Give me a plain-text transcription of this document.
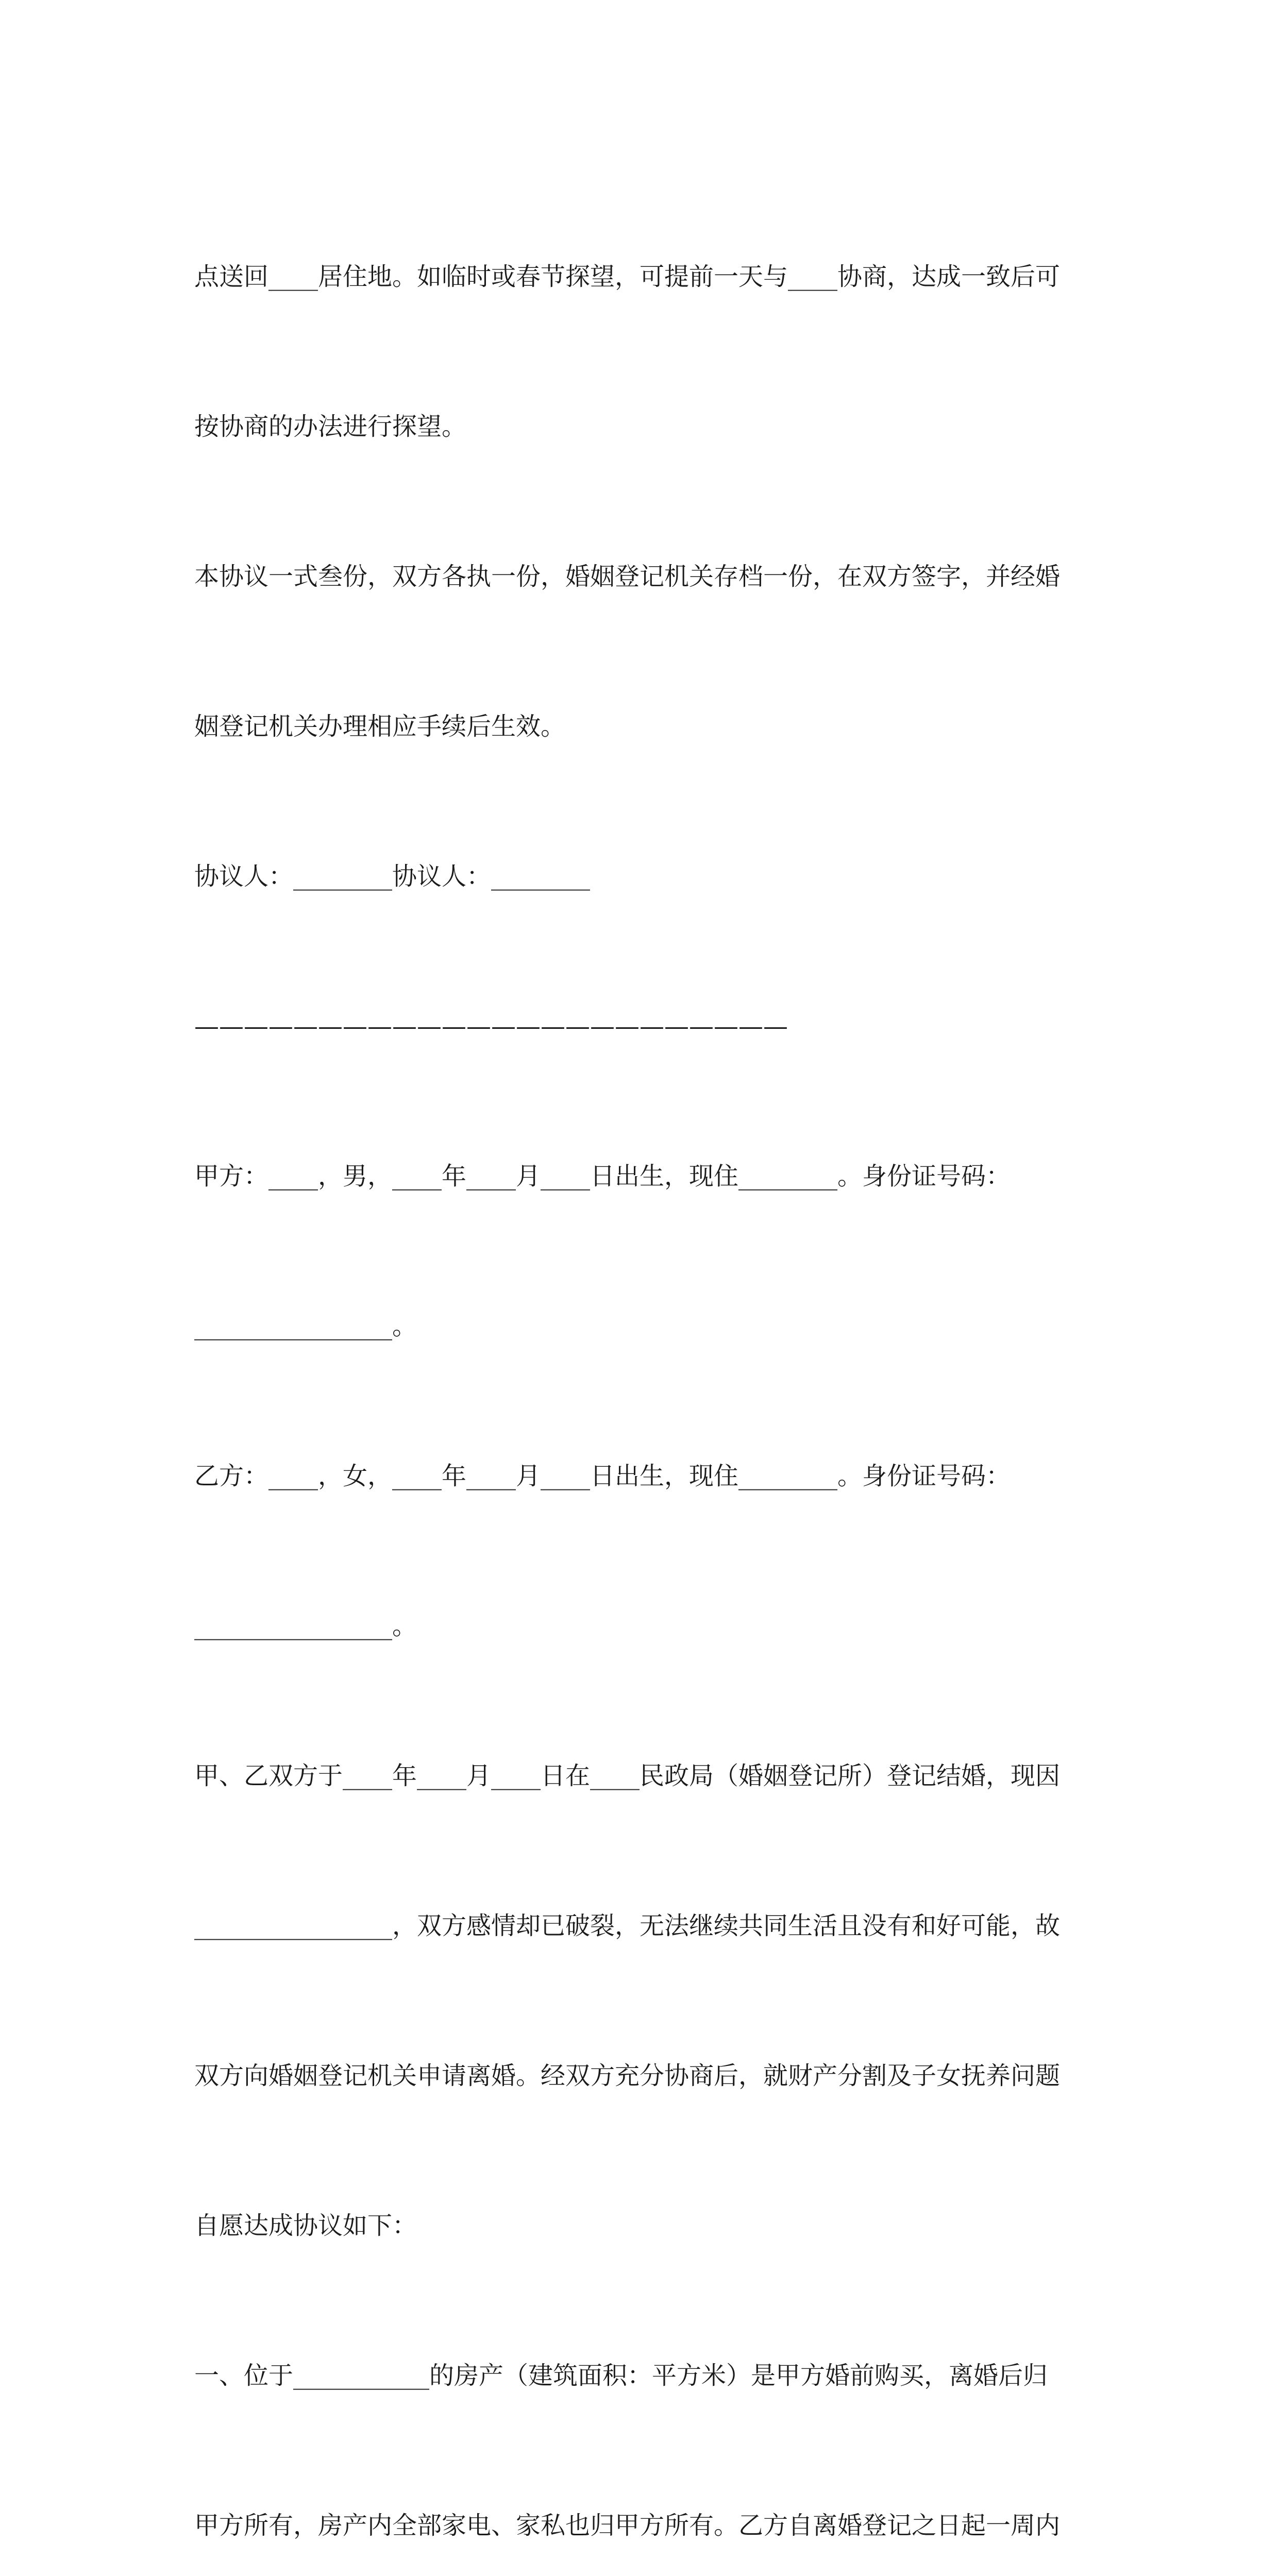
点送回____居住地。如临时或春节探望，可提前一天与____协商，达成一致后可

按协商的办法进行探望。

本协议一式叁份，双方各执一份，婚姻登记机关存档一份，在双方签字，并经婚

姻登记机关办理相应手续后生效。

协议人：________协议人：________

————————————————————————

甲方：____，男，____年____月____日出生，现住________。身份证号码：

________________。

乙方：____，女，____年____月____日出生，现住________。身份证号码：

________________。

甲、乙双方于____年____月____日在____民政局（婚姻登记所）登记结婚，现因

________________，双方感情却已破裂，无法继续共同生活且没有和好可能，故

双方向婚姻登记机关申请离婚。经双方充分协商后，就财产分割及子女抚养问题

自愿达成协议如下：

一、位于___________的房产（建筑面积：平方米）是甲方婚前购买，离婚后归

甲方所有，房产内全部家电、家私也归甲方所有。乙方自离婚登记之日起一周内
